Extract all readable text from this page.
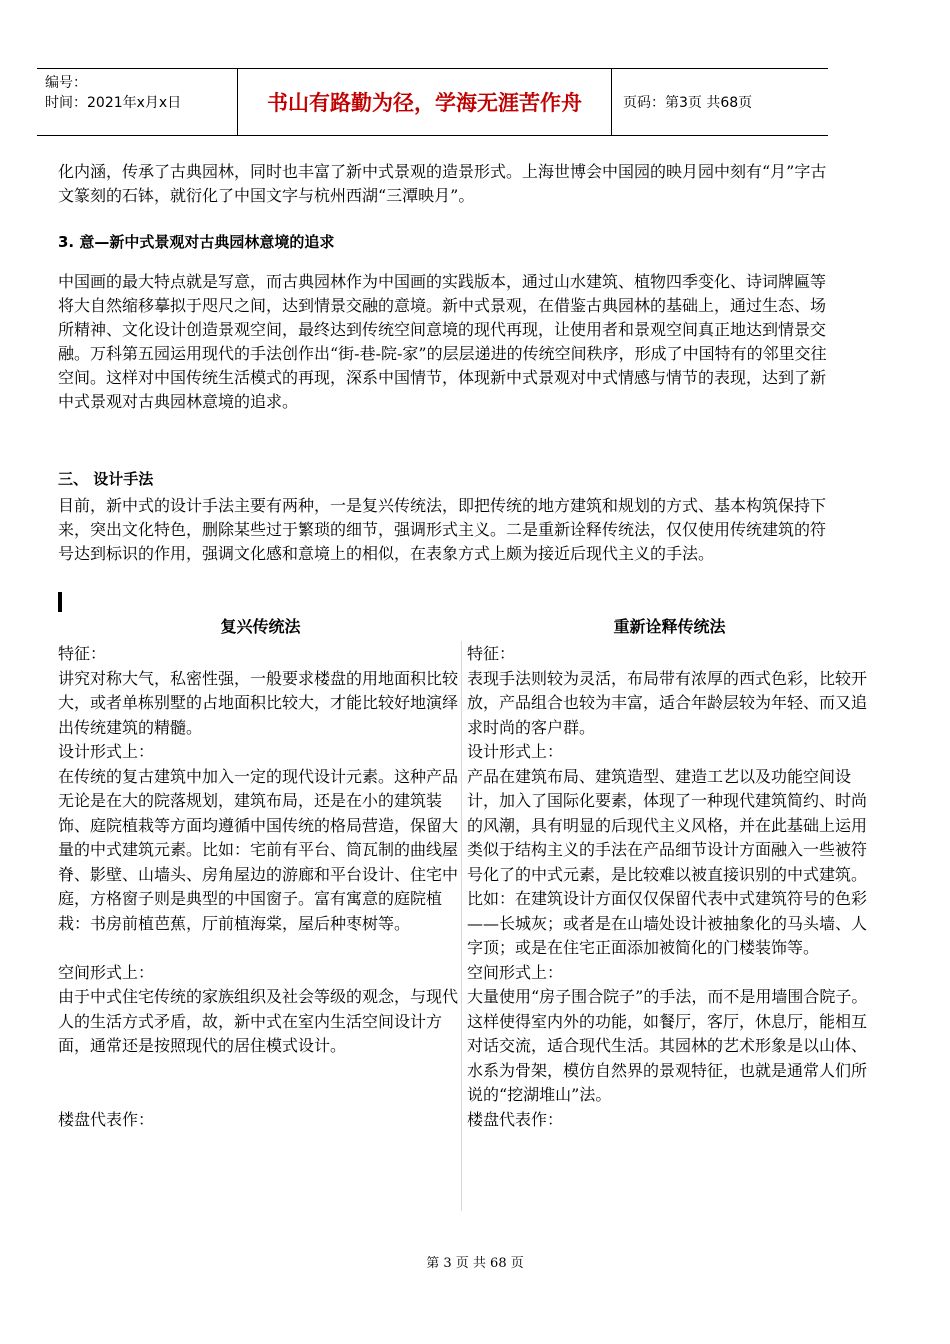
编号：
时间：2021年x月x日	书山有路勤为径，学海无涯苦作舟	页码：第3页 共68页

化内涵，传承了古典园林，同时也丰富了新中式景观的造景形式。上海世博会中国园的映月园中刻有“月”字古文篆刻的石钵，就衍化了中国文字与杭州西湖“三潭映月”。

3. 意—新中式景观对古典园林意境的追求

中国画的最大特点就是写意，而古典园林作为中国画的实践版本，通过山水建筑、植物四季变化、诗词牌匾等将大自然缩移摹拟于咫尺之间，达到情景交融的意境。新中式景观，在借鉴古典园林的基础上，通过生态、场所精神、文化设计创造景观空间，最终达到传统空间意境的现代再现，让使用者和景观空间真正地达到情景交融。万科第五园运用现代的手法创作出“街-巷-院-家”的层层递进的传统空间秩序，形成了中国特有的邻里交往空间。这样对中国传统生活模式的再现，深系中国情节，体现新中式景观对中式情感与情节的表现，达到了新中式景观对古典园林意境的追求。

三、 设计手法

目前，新中式的设计手法主要有两种，一是复兴传统法，即把传统的地方建筑和规划的方式、基本构筑保持下来，突出文化特色，删除某些过于繁琐的细节，强调形式主义。二是重新诠释传统法，仅仅使用传统建筑的符号达到标识的作用，强调文化感和意境上的相似，在表象方式上颇为接近后现代主义的手法。

复兴传统法
特征：
讲究对称大气，私密性强，一般要求楼盘的用地面积比较大，或者单栋别墅的占地面积比较大，才能比较好地演绎出传统建筑的精髓。
设计形式上：
在传统的复古建筑中加入一定的现代设计元素。这种产品无论是在大的院落规划，建筑布局，还是在小的建筑装饰、庭院植栽等方面均遵循中国传统的格局营造，保留大量的中式建筑元素。比如：宅前有平台、筒瓦制的曲线屋脊、影壁、山墙头、房角屋边的游廊和平台设计、住宅中庭，方格窗子则是典型的中国窗子。富有寓意的庭院植栽：书房前植芭蕉，厅前植海棠，屋后种枣树等。
空间形式上：
由于中式住宅传统的家族组织及社会等级的观念，与现代人的生活方式矛盾，故，新中式在室内生活空间设计方面，通常还是按照现代的居住模式设计。
楼盘代表作：
重新诠释传统法
特征：
表现手法则较为灵活，布局带有浓厚的西式色彩，比较开放，产品组合也较为丰富，适合年龄层较为年轻、而又追求时尚的客户群。
设计形式上：
产品在建筑布局、建筑造型、建造工艺以及功能空间设计，加入了国际化要素，体现了一种现代建筑简约、时尚的风潮，具有明显的后现代主义风格，并在此基础上运用类似于结构主义的手法在产品细节设计方面融入一些被符号化了的中式元素，是比较难以被直接识别的中式建筑。比如：在建筑设计方面仅仅保留代表中式建筑符号的色彩——长城灰；或者是在山墙处设计被抽象化的马头墙、人字顶；或是在住宅正面添加被简化的门楼装饰等。
空间形式上：
大量使用“房子围合院子”的手法，而不是用墙围合院子。这样使得室内外的功能，如餐厅，客厅，休息厅，能相互对话交流，适合现代生活。其园林的艺术形象是以山体、水系为骨架，模仿自然界的景观特征，也就是通常人们所说的“挖湖堆山”法。
楼盘代表作：
第 3 页 共 68 页
